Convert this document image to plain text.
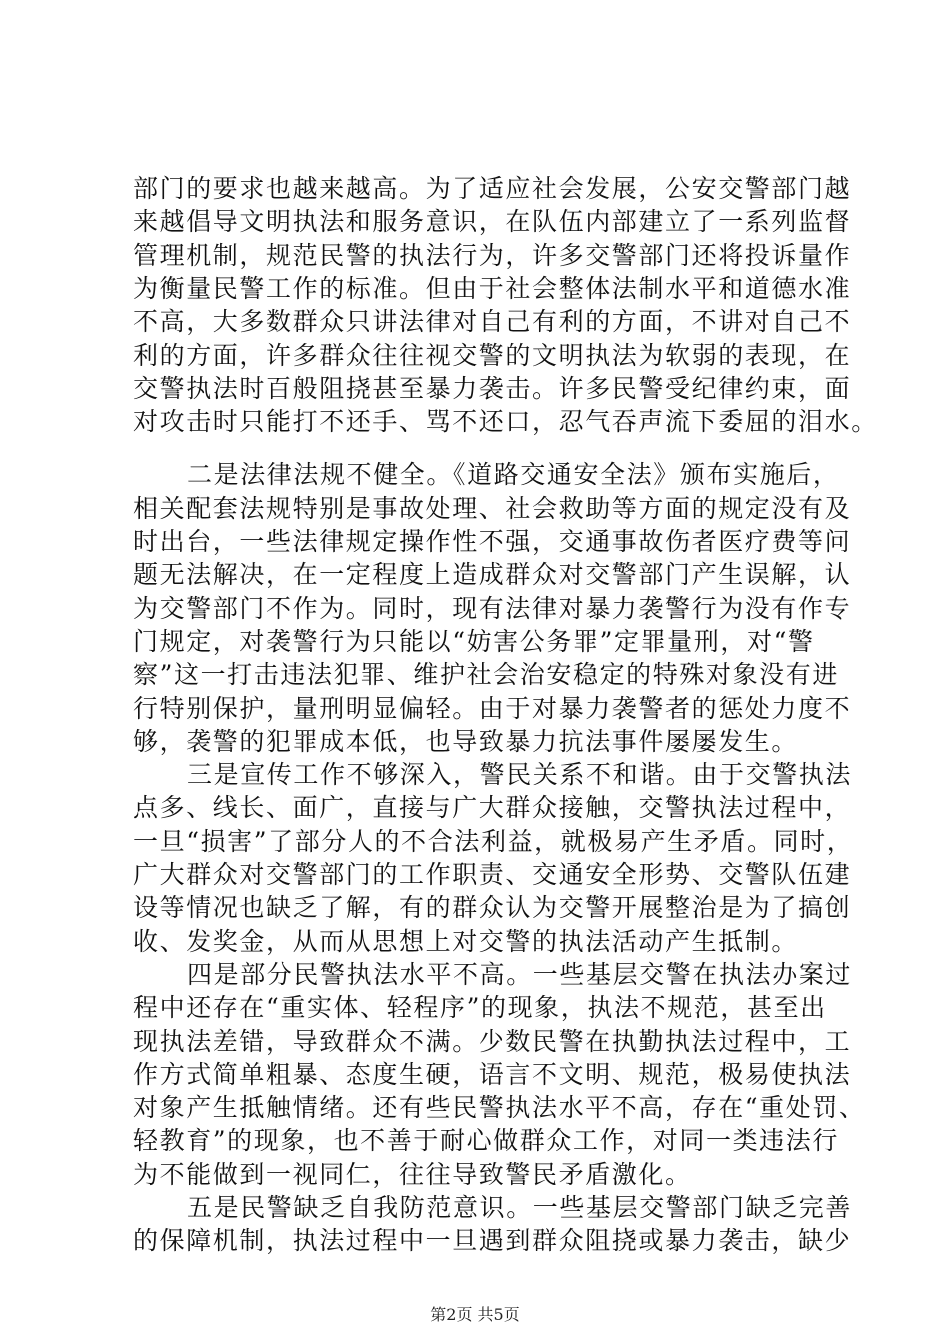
部门的要求也越来越高。为了适应社会发展，公安交警部门越
来越倡导文明执法和服务意识，在队伍内部建立了一系列监督
管理机制，规范民警的执法行为，许多交警部门还将投诉量作
为衡量民警工作的标准。但由于社会整体法制水平和道德水准
不高，大多数群众只讲法律对自己有利的方面，不讲对自己不
利的方面，许多群众往往视交警的文明执法为软弱的表现，在
交警执法时百般阻挠甚至暴力袭击。许多民警受纪律约束，面
对攻击时只能打不还手、骂不还口，忍气吞声流下委屈的泪水。
二是法律法规不健全。《道路交通安全法》颁布实施后，
相关配套法规特别是事故处理、社会救助等方面的规定没有及
时出台，一些法律规定操作性不强，交通事故伤者医疗费等问
题无法解决，在一定程度上造成群众对交警部门产生误解，认
为交警部门不作为。同时，现有法律对暴力袭警行为没有作专
门规定，对袭警行为只能以“妨害公务罪”定罪量刑，对“警
察”这一打击违法犯罪、维护社会治安稳定的特殊对象没有进
行特别保护，量刑明显偏轻。由于对暴力袭警者的惩处力度不
够，袭警的犯罪成本低，也导致暴力抗法事件屡屡发生。
三是宣传工作不够深入，警民关系不和谐。由于交警执法
点多、线长、面广，直接与广大群众接触，交警执法过程中，
一旦“损害”了部分人的不合法利益，就极易产生矛盾。同时，
广大群众对交警部门的工作职责、交通安全形势、交警队伍建
设等情况也缺乏了解，有的群众认为交警开展整治是为了搞创
收、发奖金，从而从思想上对交警的执法活动产生抵制。
四是部分民警执法水平不高。一些基层交警在执法办案过
程中还存在“重实体、轻程序”的现象，执法不规范，甚至出
现执法差错，导致群众不满。少数民警在执勤执法过程中，工
作方式简单粗暴、态度生硬，语言不文明、规范，极易使执法
对象产生抵触情绪。还有些民警执法水平不高，存在“重处罚、
轻教育”的现象，也不善于耐心做群众工作，对同一类违法行
为不能做到一视同仁，往往导致警民矛盾激化。
五是民警缺乏自我防范意识。一些基层交警部门缺乏完善
的保障机制，执法过程中一旦遇到群众阻挠或暴力袭击，缺少
第2页 共5页
